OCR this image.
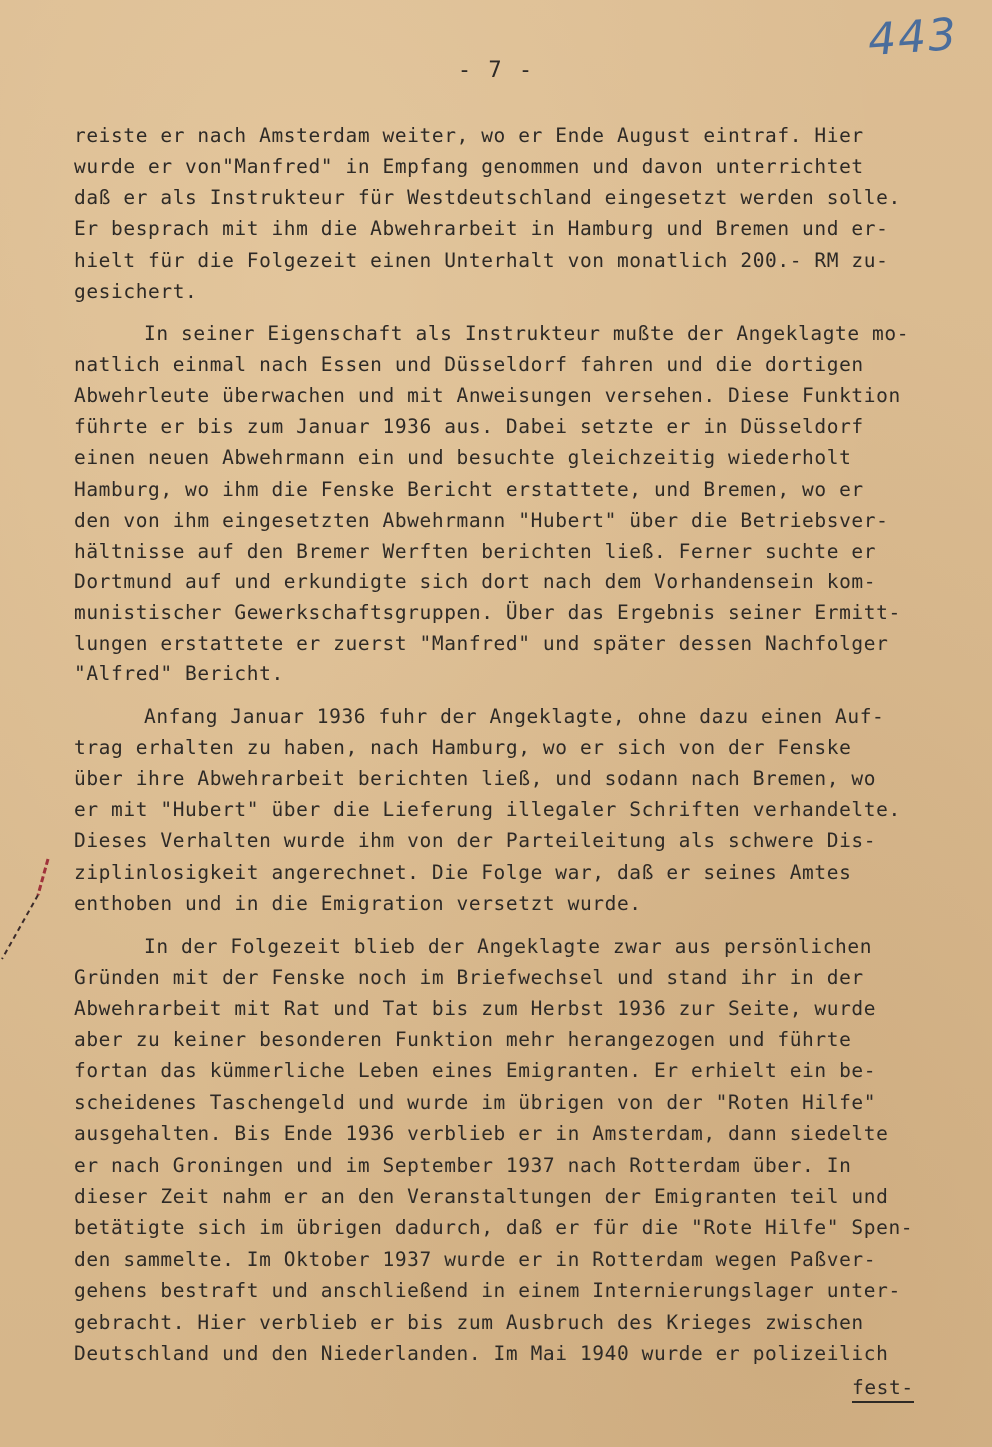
443
- 7 -
reiste er nach Amsterdam weiter, wo er Ende August eintraf. Hier
wurde er von"Manfred" in Empfang genommen und davon unterrichtet
daß er als Instrukteur für Westdeutschland eingesetzt werden solle.
Er besprach mit ihm die Abwehrarbeit in Hamburg und Bremen und er-
hielt für die Folgezeit einen Unterhalt von monatlich 200.- RM zu-
gesichert.
In seiner Eigenschaft als Instrukteur mußte der Angeklagte mo-
natlich einmal nach Essen und Düsseldorf fahren und die dortigen
Abwehrleute überwachen und mit Anweisungen versehen. Diese Funktion
führte er bis zum Januar 1936 aus. Dabei setzte er in Düsseldorf
einen neuen Abwehrmann ein und besuchte gleichzeitig wiederholt
Hamburg, wo ihm die Fenske Bericht erstattete, und Bremen, wo er
den von ihm eingesetzten Abwehrmann "Hubert" über die Betriebsver-
hältnisse auf den Bremer Werften berichten ließ. Ferner suchte er
Dortmund auf und erkundigte sich dort nach dem Vorhandensein kom-
munistischer Gewerkschaftsgruppen. Über das Ergebnis seiner Ermitt-
lungen erstattete er zuerst "Manfred" und später dessen Nachfolger
"Alfred" Bericht.
Anfang Januar 1936 fuhr der Angeklagte, ohne dazu einen Auf-
trag erhalten zu haben, nach Hamburg, wo er sich von der Fenske
über ihre Abwehrarbeit berichten ließ, und sodann nach Bremen, wo
er mit "Hubert" über die Lieferung illegaler Schriften verhandelte.
Dieses Verhalten wurde ihm von der Parteileitung als schwere Dis-
ziplinlosigkeit angerechnet. Die Folge war, daß er seines Amtes
enthoben und in die Emigration versetzt wurde.
In der Folgezeit blieb der Angeklagte zwar aus persönlichen
Gründen mit der Fenske noch im Briefwechsel und stand ihr in der
Abwehrarbeit mit Rat und Tat bis zum Herbst 1936 zur Seite, wurde
aber zu keiner besonderen Funktion mehr herangezogen und führte
fortan das kümmerliche Leben eines Emigranten. Er erhielt ein be-
scheidenes Taschengeld und wurde im übrigen von der "Roten Hilfe"
ausgehalten. Bis Ende 1936 verblieb er in Amsterdam, dann siedelte
er nach Groningen und im September 1937 nach Rotterdam über. In
dieser Zeit nahm er an den Veranstaltungen der Emigranten teil und
betätigte sich im übrigen dadurch, daß er für die "Rote Hilfe" Spen-
den sammelte. Im Oktober 1937 wurde er in Rotterdam wegen Paßver-
gehens bestraft und anschließend in einem Internierungslager unter-
gebracht. Hier verblieb er bis zum Ausbruch des Krieges zwischen
Deutschland und den Niederlanden. Im Mai 1940 wurde er polizeilich
fest-
